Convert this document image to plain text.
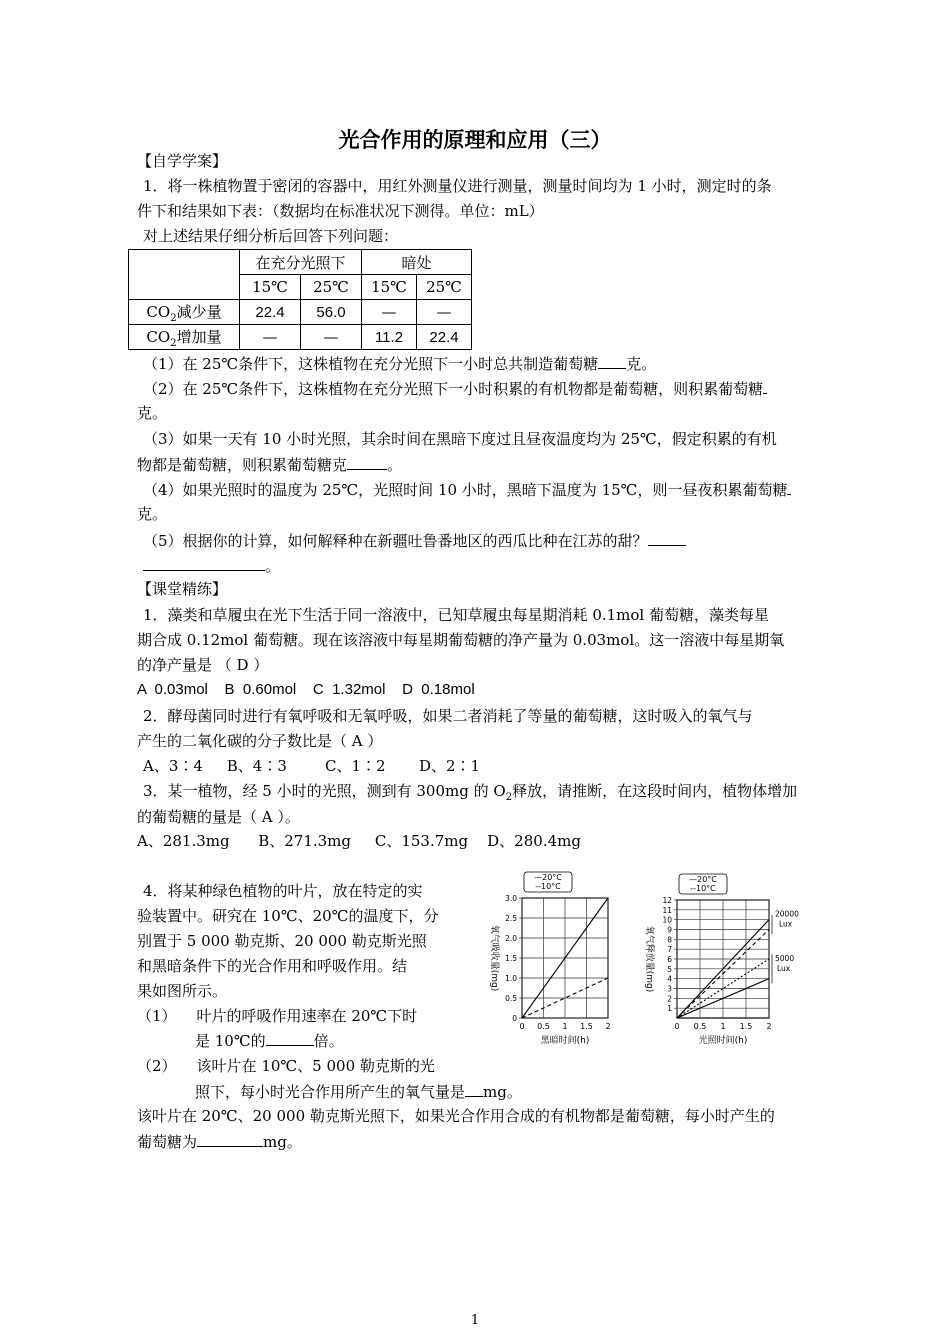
光合作用的原理和应用（三）
【自学学案】
1．将一株植物置于密闭的容器中，用红外测量仪进行测量，测量时间均为 1 小时，测定时的条
件下和结果如下表：（数据均在标准状况下测得。单位：mL）
对上述结果仔细分析后回答下列问题：
	在充分光照下		暗处	
	15℃	25℃	15℃	25℃
$CO_2$减少量	22.4	56.0	—	—
$CO_2$增加量	—	—	11.2	22.4
（1）在 25℃条件下，这株植物在充分光照下一小时总共制造葡萄糖 克。
（2）在 25℃条件下，这株植物在充分光照下一小时积累的有机物都是葡萄糖，则积累葡萄糖
克。
（3）如果一天有 10 小时光照，其余时间在黑暗下度过且昼夜温度均为 25℃，假定积累的有机
物都是葡萄糖，则积累葡萄糖克	。
（4）如果光照时的温度为 25℃，光照时间 10 小时，黑暗下温度为 15℃，则一昼夜积累葡萄糖
克。
（5）根据你的计算，如何解释种在新疆吐鲁番地区的西瓜比种在江苏的甜？
。
【课堂精练】
1．藻类和草履虫在光下生活于同一溶液中，已知草履虫每星期消耗 0.1mol 葡萄糖，藻类每星
期合成 0.12mol 葡萄糖。现在该溶液中每星期葡萄糖的净产量为 0.03mol。这一溶液中每星期氧
的净产量是 （ D ）
A  0.03mol    B  0.60mol    C  1.32mol    D  0.18mol
2．酵母菌同时进行有氧呼吸和无氧呼吸，如果二者消耗了等量的葡萄糖，这时吸入的氧气与
产生的二氧化碳的分子数比是（ A ）
A、3∶4     B、4∶3        C、1∶2       D、2∶1
3．某一植物，经 5 小时的光照，测到有 300mg 的 $O_2$释放，请推断，在这段时间内，植物体增加
的葡萄糖的量是（ A ）。
A、281.3mg      B、271.3mg     C、153.7mg    D、280.4mg
4．将某种绿色植物的叶片，放在特定的实
验装置中。研究在 10℃、20℃的温度下，分
别置于 5 000 勒克斯、20 000 勒克斯光照
和黑暗条件下的光合作用和呼吸作用。结
果如图所示。
（1） 叶片的呼吸作用速率在 20℃下时
是 10℃的	倍。
（2） 该叶片在 10℃、5 000 勒克斯的光
照下，每小时光合作用所产生的氧气量是 mg。
该叶片在 20℃、20 000 勒克斯光照下，如果光合作用合成的有机物都是葡萄糖，每小时产生的
葡萄糖为	mg。
0 0.5 1 1.5 2
0
0.5
1.0
1.5
2.0
2.5
3.0
黑暗时间(h)
氧气吸收量(mg)
—20°C
--10°C
0 0.5 1 1.5 2
1
2
3
4
5
6
7
8
9
10
11
12
光照时间(h)
氧气释放量(mg)
—20°C
--10°C
20000
Lux
5000
Lux
1
